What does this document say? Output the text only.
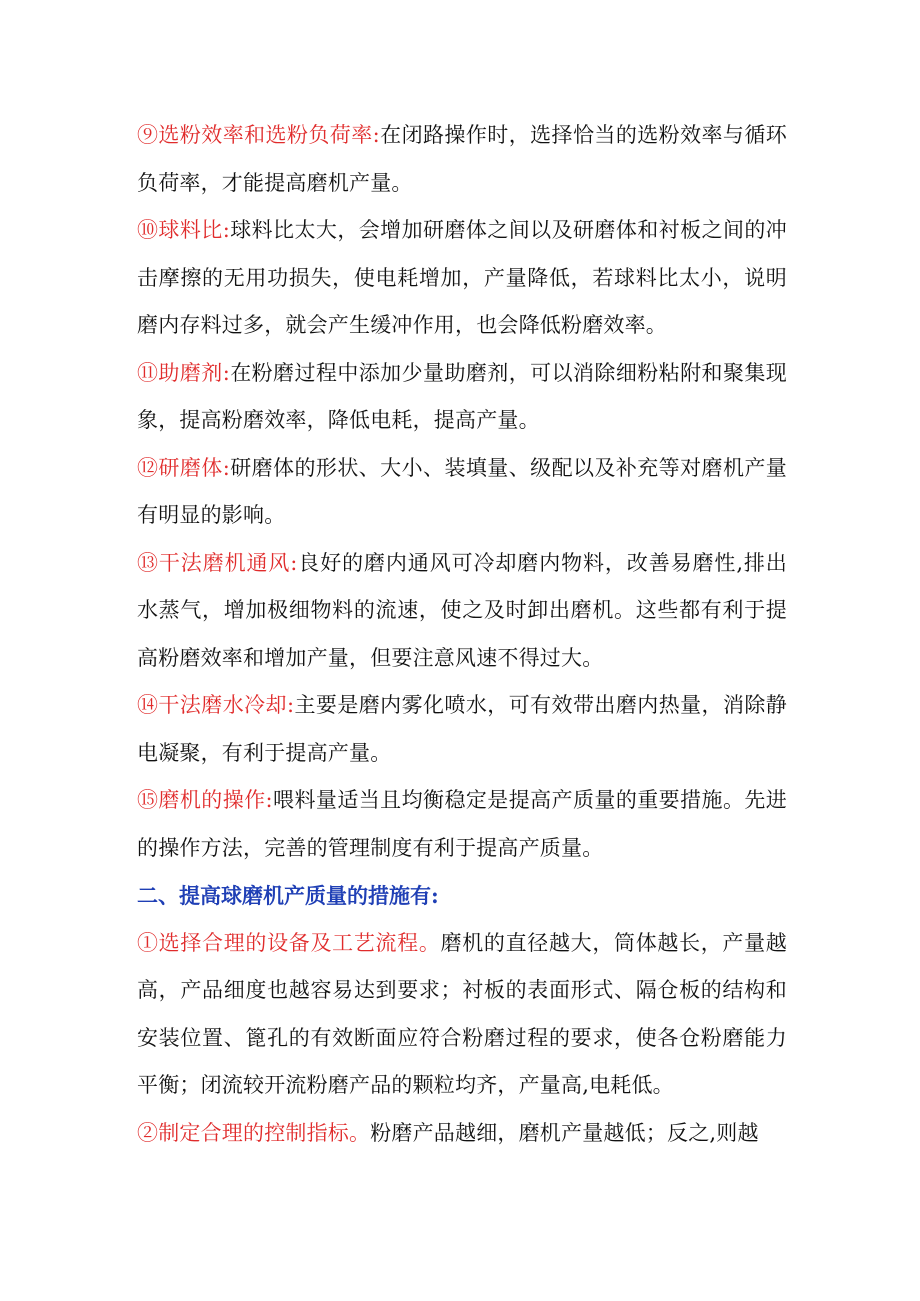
⑨选粉效率和选粉负荷率:在闭路操作时，选择恰当的选粉效率与循环负荷率，才能提高磨机产量。

⑩球料比:球料比太大，会增加研磨体之间以及研磨体和衬板之间的冲击摩擦的无用功损失，使电耗增加，产量降低，若球料比太小，说明磨内存料过多，就会产生缓冲作用，也会降低粉磨效率。

⑪助磨剂:在粉磨过程中添加少量助磨剂，可以消除细粉粘附和聚集现象，提高粉磨效率，降低电耗，提高产量。

⑫研磨体:研磨体的形状、大小、装填量、级配以及补充等对磨机产量有明显的影响。

⑬干法磨机通风:良好的磨内通风可冷却磨内物料，改善易磨性,排出水蒸气，增加极细物料的流速，使之及时卸出磨机。这些都有利于提高粉磨效率和增加产量，但要注意风速不得过大。

⑭干法磨水冷却:主要是磨内雾化喷水，可有效带出磨内热量，消除静电凝聚，有利于提高产量。

⑮磨机的操作:喂料量适当且均衡稳定是提高产质量的重要措施。先进的操作方法，完善的管理制度有利于提高产质量。

二、提高球磨机产质量的措施有:

①选择合理的设备及工艺流程。磨机的直径越大，筒体越长，产量越高，产品细度也越容易达到要求；衬板的表面形式、隔仓板的结构和安装位置、篦孔的有效断面应符合粉磨过程的要求，使各仓粉磨能力平衡；闭流较开流粉磨产品的颗粒均齐，产量高,电耗低。

②制定合理的控制指标。粉磨产品越细，磨机产量越低；反之,则越
